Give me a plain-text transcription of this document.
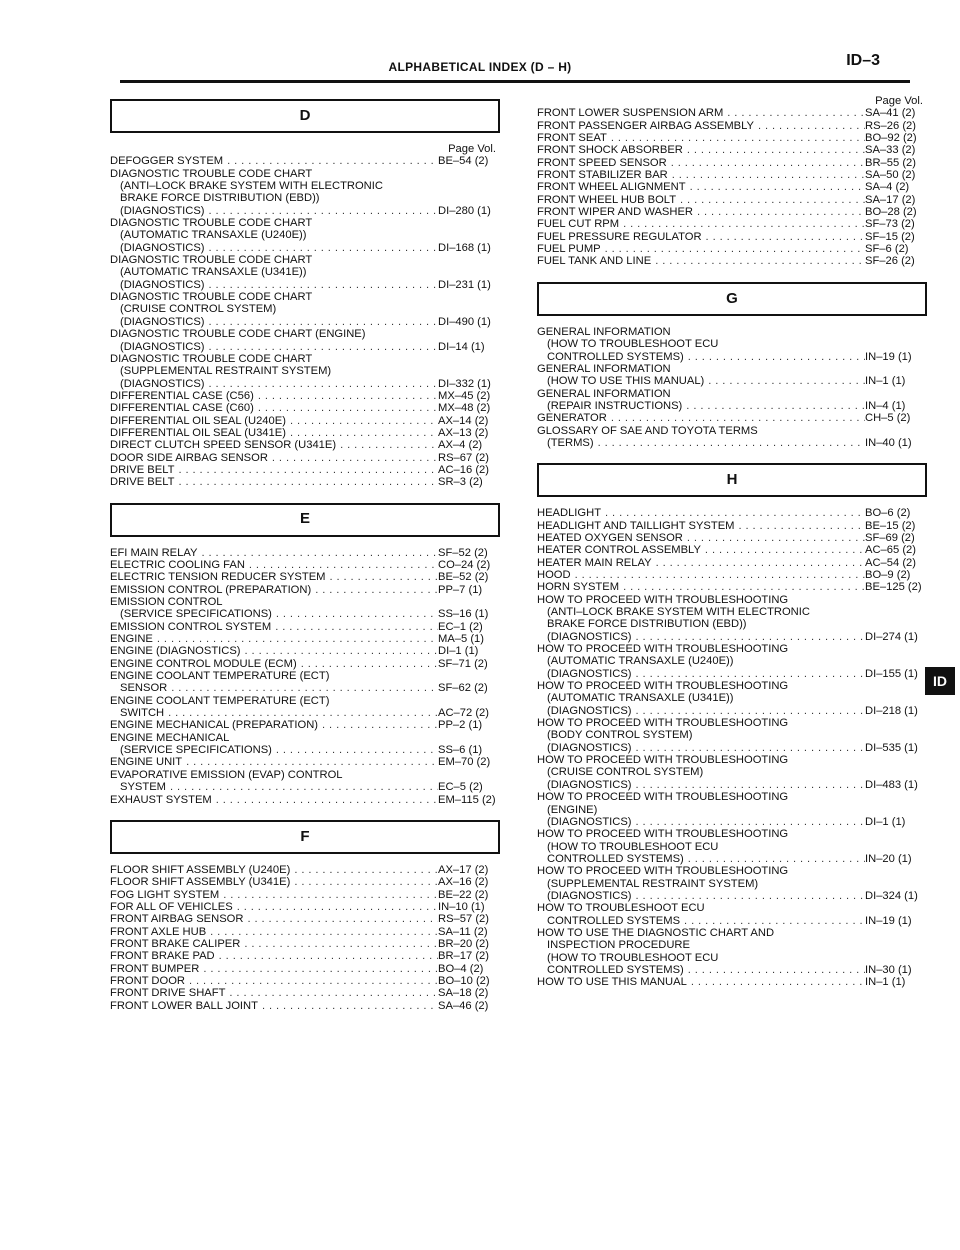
ALPHABETICAL INDEX (D – H)	ID–3
D
Page Vol.
DEFOGGER SYSTEM . . .	BE–54 (2)
DIAGNOSTIC TROUBLE CODE CHART
(ANTI–LOCK BRAKE SYSTEM WITH ELECTRONIC
BRAKE FORCE DISTRIBUTION (EBD))
(DIAGNOSTICS) . . .	DI–280 (1)
DIAGNOSTIC TROUBLE CODE CHART
(AUTOMATIC TRANSAXLE (U240E))
(DIAGNOSTICS) . . .	DI–168 (1)
DIAGNOSTIC TROUBLE CODE CHART
(AUTOMATIC TRANSAXLE (U341E))
(DIAGNOSTICS) . . .	DI–231 (1)
DIAGNOSTIC TROUBLE CODE CHART
(CRUISE CONTROL SYSTEM)
(DIAGNOSTICS) . . .	DI–490 (1)
DIAGNOSTIC TROUBLE CODE CHART (ENGINE)
(DIAGNOSTICS) . . .	DI–14 (1)
DIAGNOSTIC TROUBLE CODE CHART
(SUPPLEMENTAL RESTRAINT SYSTEM)
(DIAGNOSTICS) . . .	DI–332 (1)
DIFFERENTIAL CASE (C56) . . .	MX–45 (2)
DIFFERENTIAL CASE (C60) . . .	MX–48 (2)
DIFFERENTIAL OIL SEAL (U240E) . . .	AX–14 (2)
DIFFERENTIAL OIL SEAL (U341E) . . .	AX–13 (2)
DIRECT CLUTCH SPEED SENSOR (U341E) . . .	AX–4 (2)
DOOR SIDE AIRBAG SENSOR . . .	RS–67 (2)
DRIVE BELT . . .	AC–16 (2)
DRIVE BELT . . .	SR–3 (2)
E
EFI MAIN RELAY . . .	SF–52 (2)
ELECTRIC COOLING FAN . . .	CO–24 (2)
ELECTRIC TENSION REDUCER SYSTEM . . .	BE–52 (2)
EMISSION CONTROL (PREPARATION) . . .	PP–7 (1)
EMISSION CONTROL
(SERVICE SPECIFICATIONS) . . .	SS–16 (1)
EMISSION CONTROL SYSTEM . . .	EC–1 (2)
ENGINE . . .	MA–5 (1)
ENGINE (DIAGNOSTICS) . . .	DI–1 (1)
ENGINE CONTROL MODULE (ECM) . . .	SF–71 (2)
ENGINE COOLANT TEMPERATURE (ECT)
SENSOR . . .	SF–62 (2)
ENGINE COOLANT TEMPERATURE (ECT)
SWITCH . . .	AC–72 (2)
ENGINE MECHANICAL (PREPARATION) . . .	PP–2 (1)
ENGINE MECHANICAL
(SERVICE SPECIFICATIONS) . . .	SS–6 (1)
ENGINE UNIT . . .	EM–70 (2)
EVAPORATIVE EMISSION (EVAP) CONTROL
SYSTEM . . .	EC–5 (2)
EXHAUST SYSTEM . . .	EM–115 (2)
F
FLOOR SHIFT ASSEMBLY (U240E) . . .	AX–17 (2)
FLOOR SHIFT ASSEMBLY (U341E) . . .	AX–16 (2)
FOG LIGHT SYSTEM . . .	BE–22 (2)
FOR ALL OF VEHICLES . . .	IN–10 (1)
FRONT AIRBAG SENSOR . . .	RS–57 (2)
FRONT AXLE HUB . . .	SA–11 (2)
FRONT BRAKE CALIPER . . .	BR–20 (2)
FRONT BRAKE PAD . . .	BR–17 (2)
FRONT BUMPER . . .	BO–4 (2)
FRONT DOOR . . .	BO–10 (2)
FRONT DRIVE SHAFT . . .	SA–18 (2)
FRONT LOWER BALL JOINT . . .	SA–46 (2)
Page Vol.
FRONT LOWER SUSPENSION ARM . . .	SA–41 (2)
FRONT PASSENGER AIRBAG ASSEMBLY . . .	RS–26 (2)
FRONT SEAT . . .	BO–92 (2)
FRONT SHOCK ABSORBER . . .	SA–33 (2)
FRONT SPEED SENSOR . . .	BR–55 (2)
FRONT STABILIZER BAR . . .	SA–50 (2)
FRONT WHEEL ALIGNMENT . . .	SA–4 (2)
FRONT WHEEL HUB BOLT . . .	SA–17 (2)
FRONT WIPER AND WASHER . . .	BO–28 (2)
FUEL CUT RPM . . .	SF–73 (2)
FUEL PRESSURE REGULATOR . . .	SF–15 (2)
FUEL PUMP . . .	SF–6 (2)
FUEL TANK AND LINE . . .	SF–26 (2)
G
GENERAL INFORMATION
(HOW TO TROUBLESHOOT ECU
CONTROLLED SYSTEMS) . . .	IN–19 (1)
GENERAL INFORMATION
(HOW TO USE THIS MANUAL) . . .	IN–1 (1)
GENERAL INFORMATION
(REPAIR INSTRUCTIONS) . . .	IN–4 (1)
GENERATOR . . .	CH–5 (2)
GLOSSARY OF SAE AND TOYOTA TERMS
(TERMS) . . .	IN–40 (1)
H
HEADLIGHT . . .	BO–6 (2)
HEADLIGHT AND TAILLIGHT SYSTEM . . .	BE–15 (2)
HEATED OXYGEN SENSOR . . .	SF–69 (2)
HEATER CONTROL ASSEMBLY . . .	AC–65 (2)
HEATER MAIN RELAY . . .	AC–54 (2)
HOOD . . .	BO–9 (2)
HORN SYSTEM . . .	BE–125 (2)
HOW TO PROCEED WITH TROUBLESHOOTING
(ANTI–LOCK BRAKE SYSTEM WITH ELECTRONIC
BRAKE FORCE DISTRIBUTION (EBD))
(DIAGNOSTICS) . . .	DI–274 (1)
HOW TO PROCEED WITH TROUBLESHOOTING
(AUTOMATIC TRANSAXLE (U240E))
(DIAGNOSTICS) . . .	DI–155 (1)
HOW TO PROCEED WITH TROUBLESHOOTING
(AUTOMATIC TRANSAXLE (U341E))
(DIAGNOSTICS) . . .	DI–218 (1)
HOW TO PROCEED WITH TROUBLESHOOTING
(BODY CONTROL SYSTEM)
(DIAGNOSTICS) . . .	DI–535 (1)
HOW TO PROCEED WITH TROUBLESHOOTING
(CRUISE CONTROL SYSTEM)
(DIAGNOSTICS) . . .	DI–483 (1)
HOW TO PROCEED WITH TROUBLESHOOTING
(ENGINE)
(DIAGNOSTICS) . . .	DI–1 (1)
HOW TO PROCEED WITH TROUBLESHOOTING
(HOW TO TROUBLESHOOT ECU
CONTROLLED SYSTEMS) . . .	IN–20 (1)
HOW TO PROCEED WITH TROUBLESHOOTING
(SUPPLEMENTAL RESTRAINT SYSTEM)
(DIAGNOSTICS) . . .	DI–324 (1)
HOW TO TROUBLESHOOT ECU
CONTROLLED SYSTEMS . . .	IN–19 (1)
HOW TO USE THE DIAGNOSTIC CHART AND
INSPECTION PROCEDURE
(HOW TO TROUBLESHOOT ECU
CONTROLLED SYSTEMS) . . .	IN–30 (1)
HOW TO USE THIS MANUAL . . .	IN–1 (1)
ID
